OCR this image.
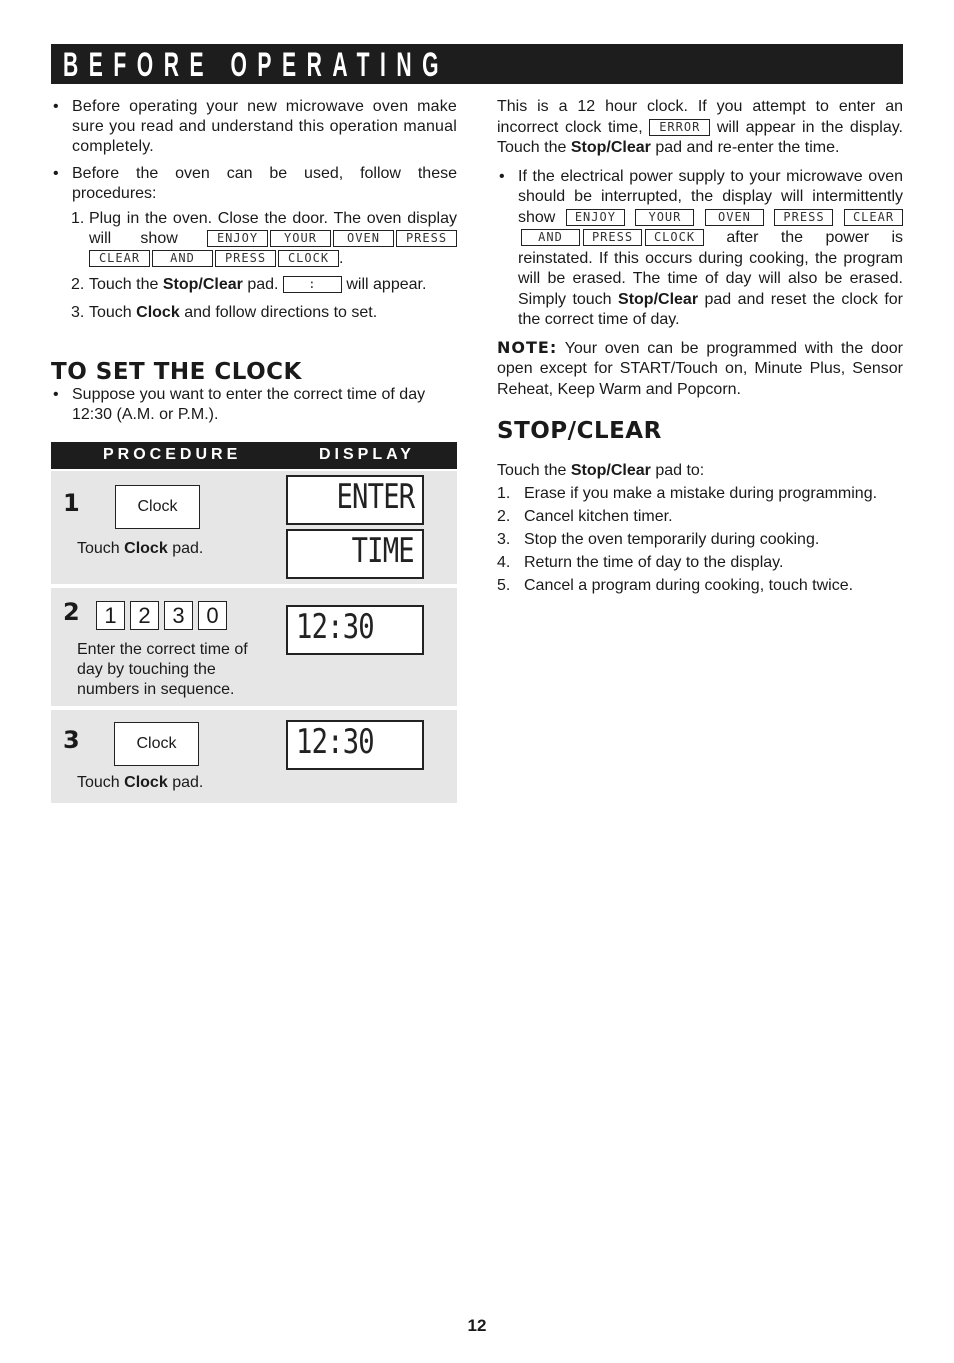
BEFORE OPERATING

• Before operating your new microwave oven make sure you read and understand this operation manual completely.

• Before the oven can be used, follow these procedures:

1. Plug in the oven. Close the door. The oven display will show	ENJOY YOUR	OVEN PRESS CLEAR	AND	PRESS CLOCK .
2. Touch the Stop/Clear pad. : will appear.
3. Touch Clock and follow directions to set.
TO SET THE CLOCK

• Suppose you want to enter the correct time of day 12:30 (A.M. or P.M.).

PROCEDURE	DISPLAY
1	Clock
Touch Clock pad.
ENTER
TIME
2	1 2 3 0
Enter the correct time of day by touching the numbers in sequence.
12:30
3	Clock
Touch Clock pad.
12:30

This is a 12 hour clock. If you attempt to enter an incorrect clock time, ERROR will appear in the display. Touch the Stop/Clear pad and re-enter the time.

• If the electrical power supply to your microwave oven should be interrupted, the display will intermittently show ENJOY	YOUR	OVEN	PRESS CLEARAND PRESS CLOCK after the power is reinstated. If this occurs during cooking, the program will be erased. The time of day will also be erased. Simply touch Stop/Clear pad and reset the clock for the correct time of day.

NOTE: Your oven can be programmed with the door open except for START/Touch on, Minute Plus, Sensor Reheat, Keep Warm and Popcorn.

STOP/CLEAR

Touch the Stop/Clear pad to:

1. Erase if you make a mistake during programming.
2. Cancel kitchen timer.
3. Stop the oven temporarily during cooking.
4. Return the time of day to the display.
5. Cancel a program during cooking, touch twice.
12
